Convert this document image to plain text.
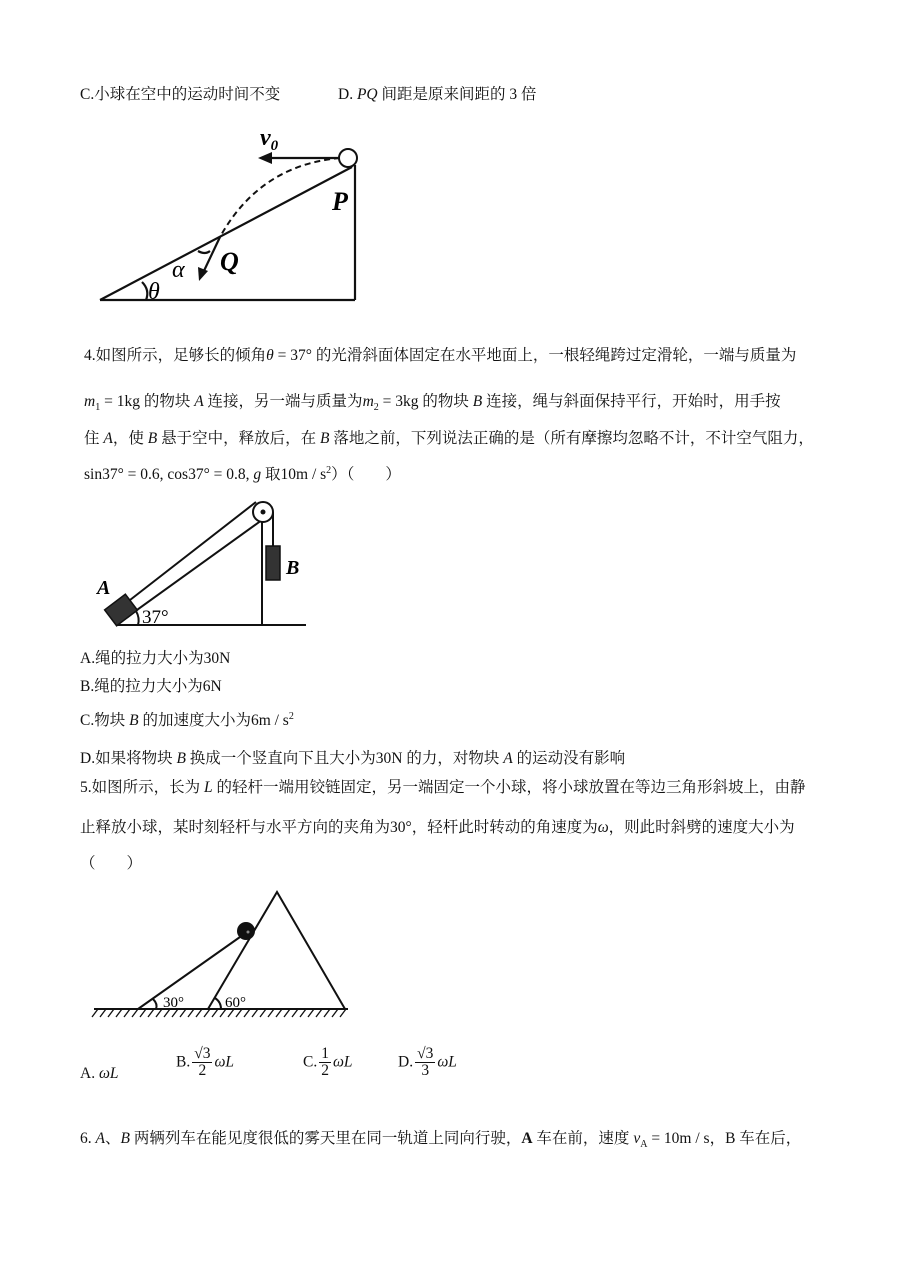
C.小球在空中的运动时间不变	D. PQ 间距是原来间距的 3 倍
$v_0$
P
Q
α
θ
4.如图所示，足够长的倾角θ = 37° 的光滑斜面体固定在水平地面上，一根轻绳跨过定滑轮，一端与质量为
$m_1 = 1kg$ 的物块 A 连接，另一端与质量为$m_2 = 3kg$ 的物块 B 连接，绳与斜面保持平行，开始时，用手按
住 A，使 B 悬于空中，释放后，在 B 落地之前，下列说法正确的是（所有摩擦均忽略不计，不计空气阻力，
sin37° = 0.6, cos37° = 0.8, g 取$10m / s^2$）（　　）
A
B
37°
A.绳的拉力大小为30N
B.绳的拉力大小为6N
C.物块 B 的加速度大小为$6m / s^2$
D.如果将物块 B 换成一个竖直向下且大小为30N 的力，对物块 A 的运动没有影响
5.如图所示，长为 L 的轻杆一端用铰链固定，另一端固定一个小球，将小球放置在等边三角形斜坡上，由静
止释放小球，某时刻轻杆与水平方向的夹角为30°，轻杆此时转动的角速度为ω，则此时斜劈的速度大小为
（　　）
30°	60°
A. ωL
B. $\frac{√3}{2}$ ωL	C. $\frac{1}{2}$ ωL	D. $\frac{√3}{3}$ ωL
6. A、B 两辆列车在能见度很低的雾天里在同一轨道上同向行驶，A 车在前，速度 $v_A = 10m / s$，B 车在后，
